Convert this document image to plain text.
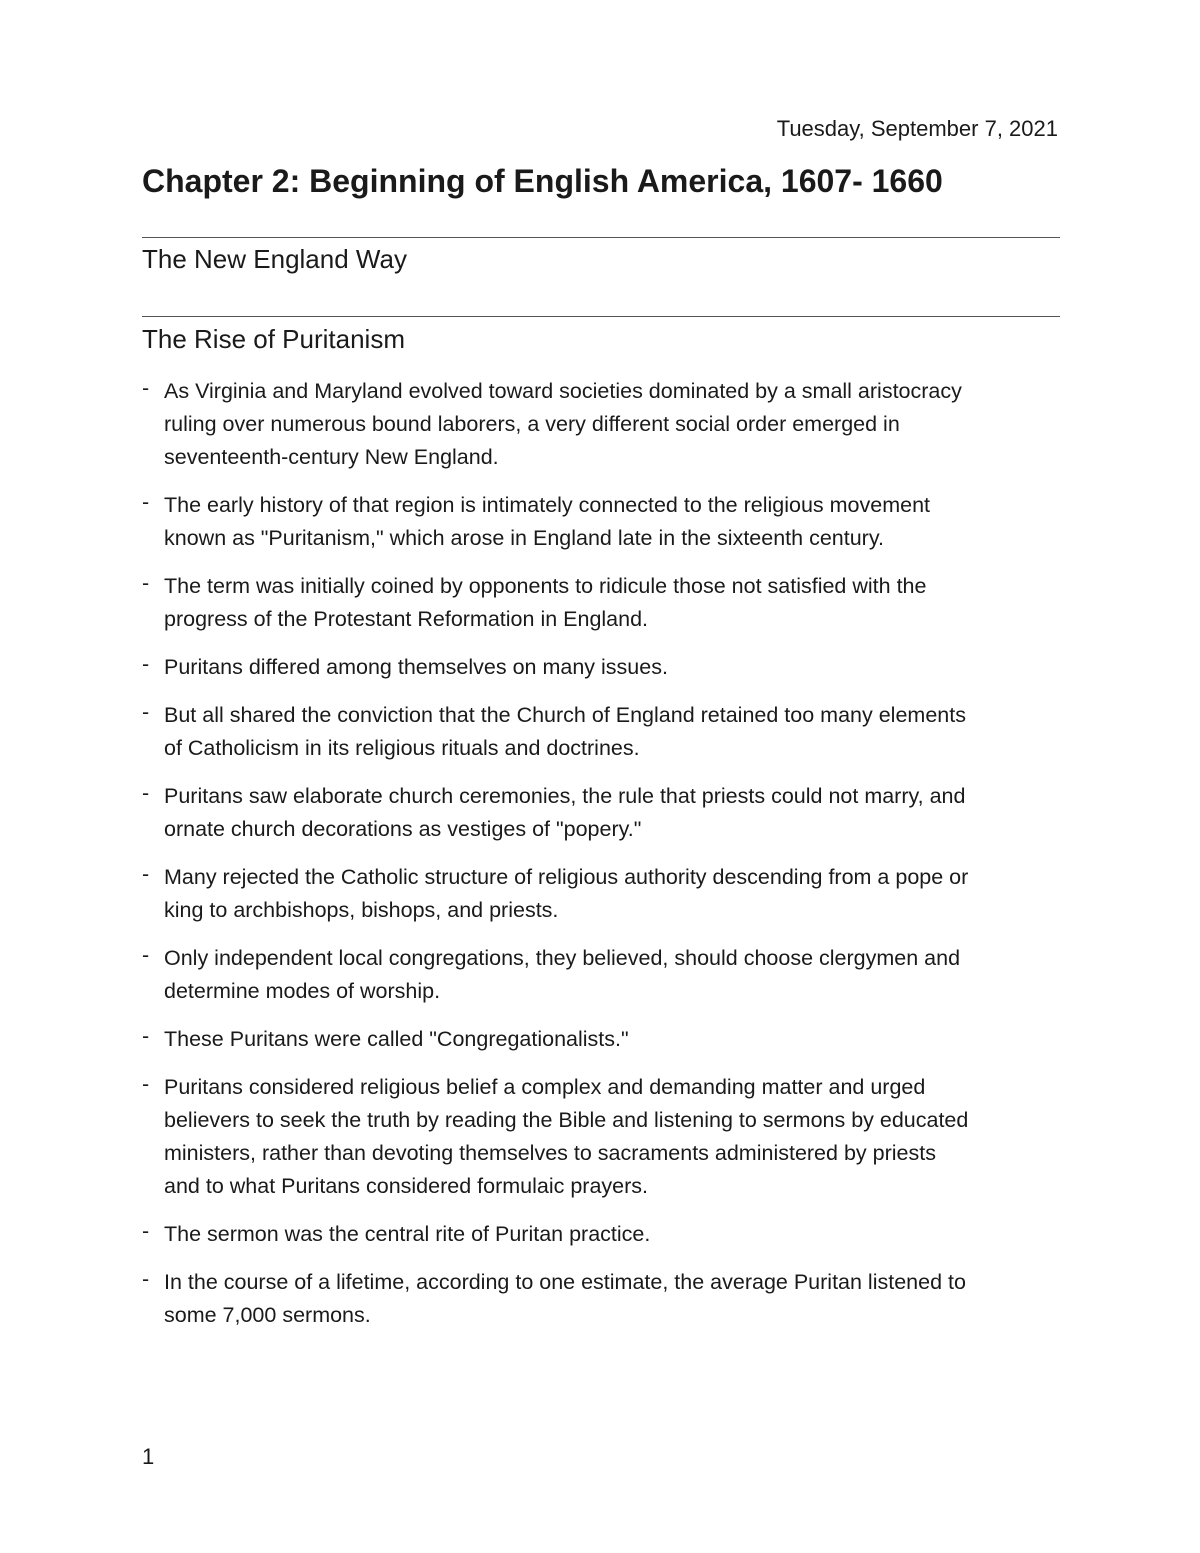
Tuesday, September 7, 2021
Chapter 2: Beginning of English America, 1607- 1660
The New England Way
The Rise of Puritanism
- As Virginia and Maryland evolved toward societies dominated by a small aristocracy
ruling over numerous bound laborers, a very different social order emerged in
seventeenth-century New England.
- The early history of that region is intimately connected to the religious movement
known as "Puritanism," which arose in England late in the sixteenth century.
- The term was initially coined by opponents to ridicule those not satisfied with the
progress of the Protestant Reformation in England.
- Puritans differed among themselves on many issues.
- But all shared the conviction that the Church of England retained too many elements
of Catholicism in its religious rituals and doctrines.
- Puritans saw elaborate church ceremonies, the rule that priests could not marry, and
ornate church decorations as vestiges of "popery."
- Many rejected the Catholic structure of religious authority descending from a pope or
king to archbishops, bishops, and priests.
- Only independent local congregations, they believed, should choose clergymen and
determine modes of worship.
- These Puritans were called "Congregationalists."
- Puritans considered religious belief a complex and demanding matter and urged
believers to seek the truth by reading the Bible and listening to sermons by educated
ministers, rather than devoting themselves to sacraments administered by priests
and to what Puritans considered formulaic prayers.
- The sermon was the central rite of Puritan practice.
- In the course of a lifetime, according to one estimate, the average Puritan listened to
some 7,000 sermons.
1
